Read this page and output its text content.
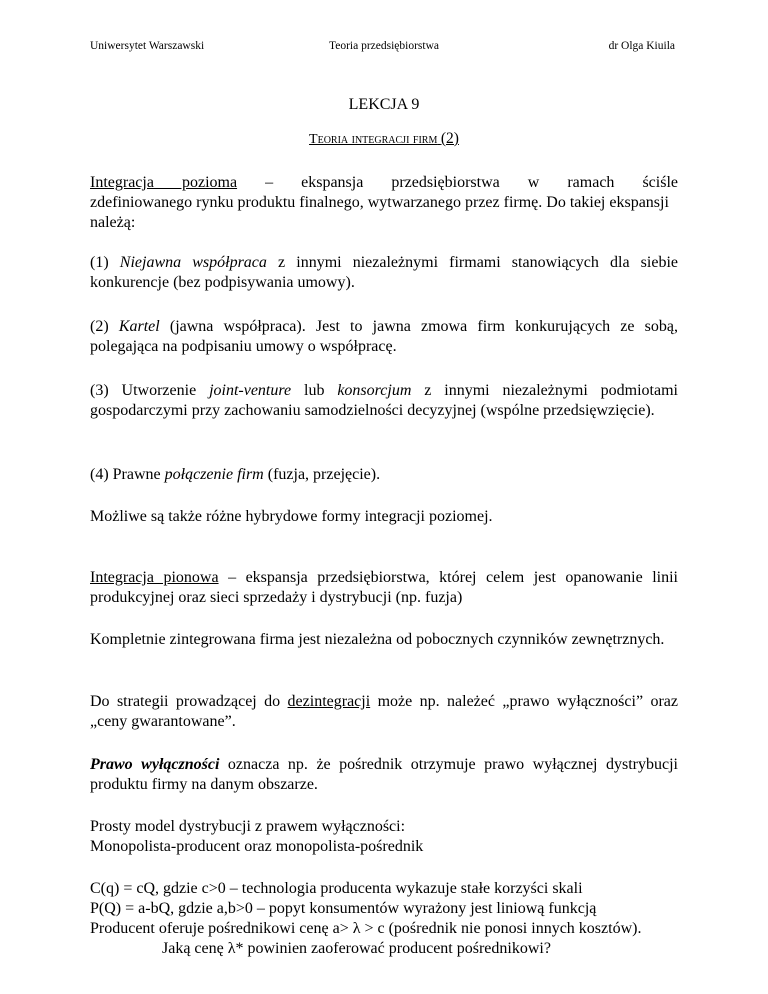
Uniwersytet Warszawski	Teoria przedsiębiorstwa	dr Olga Kiuila
LEKCJA 9
Teoria integracji firm (2)
Integracja pozioma – ekspansja przedsiębiorstwa w ramach ściśle
zdefiniowanego rynku produktu finalnego, wytwarzanego przez firmę. Do takiej ekspansji należą:
(1) Niejawna współpraca z innymi niezależnymi firmami stanowiących dla siebie konkurencje (bez podpisywania umowy).
(2) Kartel (jawna współpraca). Jest to jawna zmowa firm konkurujących ze sobą, polegająca na podpisaniu umowy o współpracę.
(3) Utworzenie joint-venture lub konsorcjum z innymi niezależnymi podmiotami gospodarczymi przy zachowaniu samodzielności decyzyjnej (wspólne przedsięwzięcie).
(4) Prawne połączenie firm (fuzja, przejęcie).
Możliwe są także różne hybrydowe formy integracji poziomej.
Integracja pionowa – ekspansja przedsiębiorstwa, której celem jest opanowanie linii produkcyjnej oraz sieci sprzedaży i dystrybucji (np. fuzja)
Kompletnie zintegrowana firma jest niezależna od pobocznych czynników zewnętrznych.
Do strategii prowadzącej do dezintegracji może np. należeć „prawo wyłączności” oraz „ceny gwarantowane”.
Prawo wyłączności oznacza np. że pośrednik otrzymuje prawo wyłącznej dystrybucji produktu firmy na danym obszarze.
Prosty model dystrybucji z prawem wyłączności:
Monopolista-producent oraz monopolista-pośrednik
C(q) = cQ, gdzie c>0 – technologia producenta wykazuje stałe korzyści skali
P(Q) = a-bQ, gdzie a,b>0 – popyt konsumentów wyrażony jest liniową funkcją
Producent oferuje pośrednikowi cenę a> λ > c (pośrednik nie ponosi innych kosztów).
Jaką cenę λ* powinien zaoferować producent pośrednikowi?
